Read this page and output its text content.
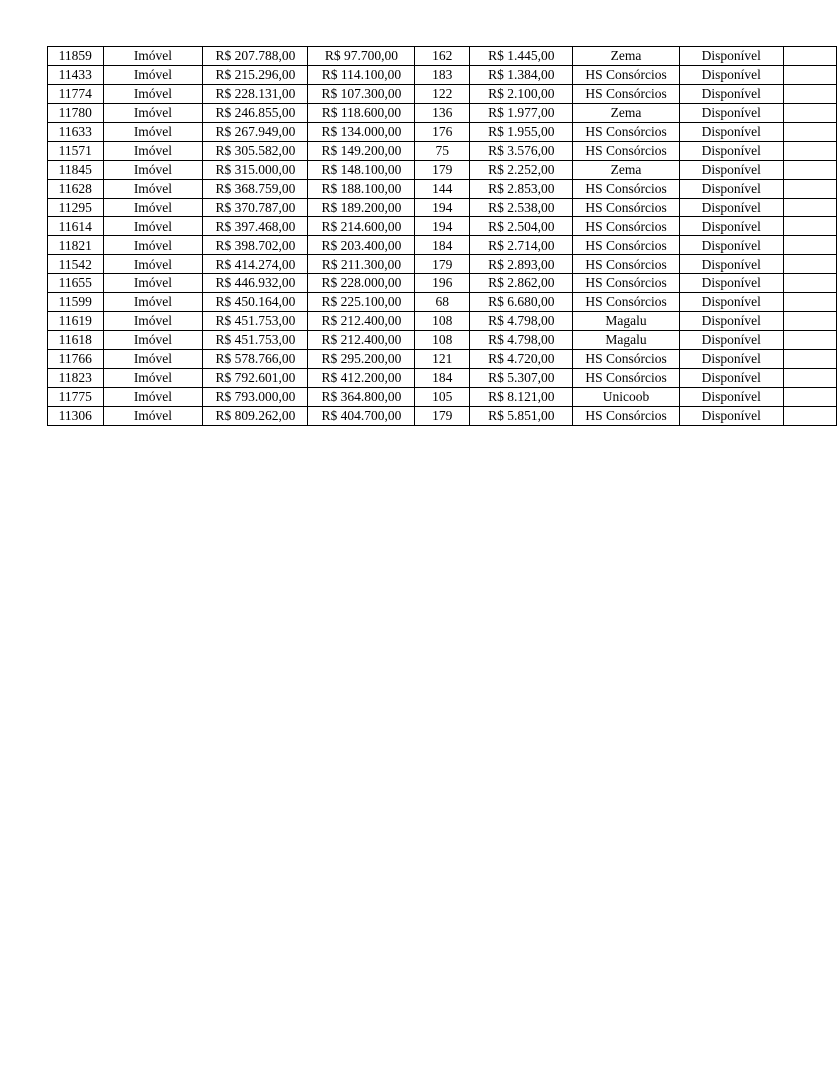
11859	Imóvel	R$ 207.788,00	R$ 97.700,00	162	R$ 1.445,00	Zema	Disponível	
11433	Imóvel	R$ 215.296,00	R$ 114.100,00	183	R$ 1.384,00	HS Consórcios	Disponível	
11774	Imóvel	R$ 228.131,00	R$ 107.300,00	122	R$ 2.100,00	HS Consórcios	Disponível	
11780	Imóvel	R$ 246.855,00	R$ 118.600,00	136	R$ 1.977,00	Zema	Disponível	
11633	Imóvel	R$ 267.949,00	R$ 134.000,00	176	R$ 1.955,00	HS Consórcios	Disponível	
11571	Imóvel	R$ 305.582,00	R$ 149.200,00	75	R$ 3.576,00	HS Consórcios	Disponível	
11845	Imóvel	R$ 315.000,00	R$ 148.100,00	179	R$ 2.252,00	Zema	Disponível	
11628	Imóvel	R$ 368.759,00	R$ 188.100,00	144	R$ 2.853,00	HS Consórcios	Disponível	
11295	Imóvel	R$ 370.787,00	R$ 189.200,00	194	R$ 2.538,00	HS Consórcios	Disponível	
11614	Imóvel	R$ 397.468,00	R$ 214.600,00	194	R$ 2.504,00	HS Consórcios	Disponível	
11821	Imóvel	R$ 398.702,00	R$ 203.400,00	184	R$ 2.714,00	HS Consórcios	Disponível	
11542	Imóvel	R$ 414.274,00	R$ 211.300,00	179	R$ 2.893,00	HS Consórcios	Disponível	
11655	Imóvel	R$ 446.932,00	R$ 228.000,00	196	R$ 2.862,00	HS Consórcios	Disponível	
11599	Imóvel	R$ 450.164,00	R$ 225.100,00	68	R$ 6.680,00	HS Consórcios	Disponível	
11619	Imóvel	R$ 451.753,00	R$ 212.400,00	108	R$ 4.798,00	Magalu	Disponível	
11618	Imóvel	R$ 451.753,00	R$ 212.400,00	108	R$ 4.798,00	Magalu	Disponível	
11766	Imóvel	R$ 578.766,00	R$ 295.200,00	121	R$ 4.720,00	HS Consórcios	Disponível	
11823	Imóvel	R$ 792.601,00	R$ 412.200,00	184	R$ 5.307,00	HS Consórcios	Disponível	
11775	Imóvel	R$ 793.000,00	R$ 364.800,00	105	R$ 8.121,00	Unicoob	Disponível	
11306	Imóvel	R$ 809.262,00	R$ 404.700,00	179	R$ 5.851,00	HS Consórcios	Disponível	
